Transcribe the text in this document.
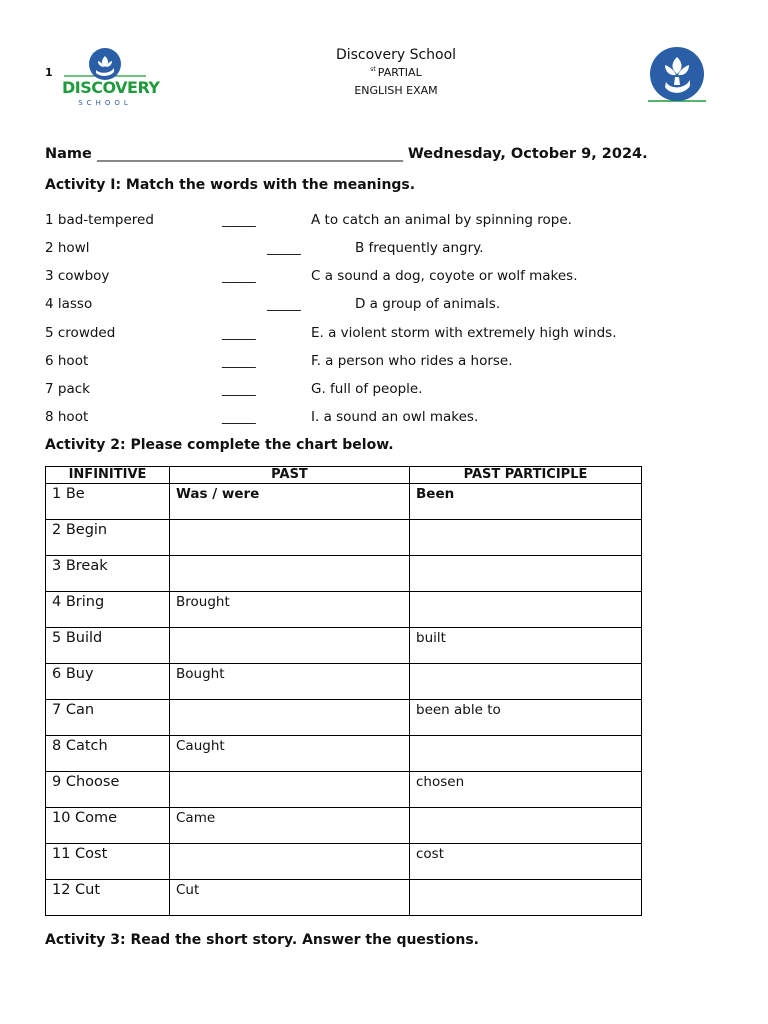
1
DISCOVERY
SCHOOL
Discovery School
$^{st}$ PARTIAL
ENGLISH EXAM
Name ____________________________________________ Wednesday, October 9, 2024.
Activity I: Match the words with the meanings.
1 bad-tempered	_____	A to catch an animal by spinning rope.
2 howl	_____	B frequently angry.
3 cowboy	_____	C a sound a dog, coyote or wolf makes.
4 lasso	_____	D a group of animals.
5 crowded	_____	E. a violent storm with extremely high winds.
6 hoot	_____	F. a person who rides a horse.
7 pack	_____	G. full of people.
8 hoot	_____	I. a sound an owl makes.
Activity 2: Please complete the chart below.
INFINITIVE	PAST	PAST PARTICIPLE
1 Be	Was / were	Been
2 Begin		
3 Break		
4 Bring	Brought	
5 Build		built
6 Buy	Bought	
7 Can		been able to
8 Catch	Caught	
9 Choose		chosen
10 Come	Came	
11 Cost		cost
12 Cut	Cut	
Activity 3: Read the short story. Answer the questions.
